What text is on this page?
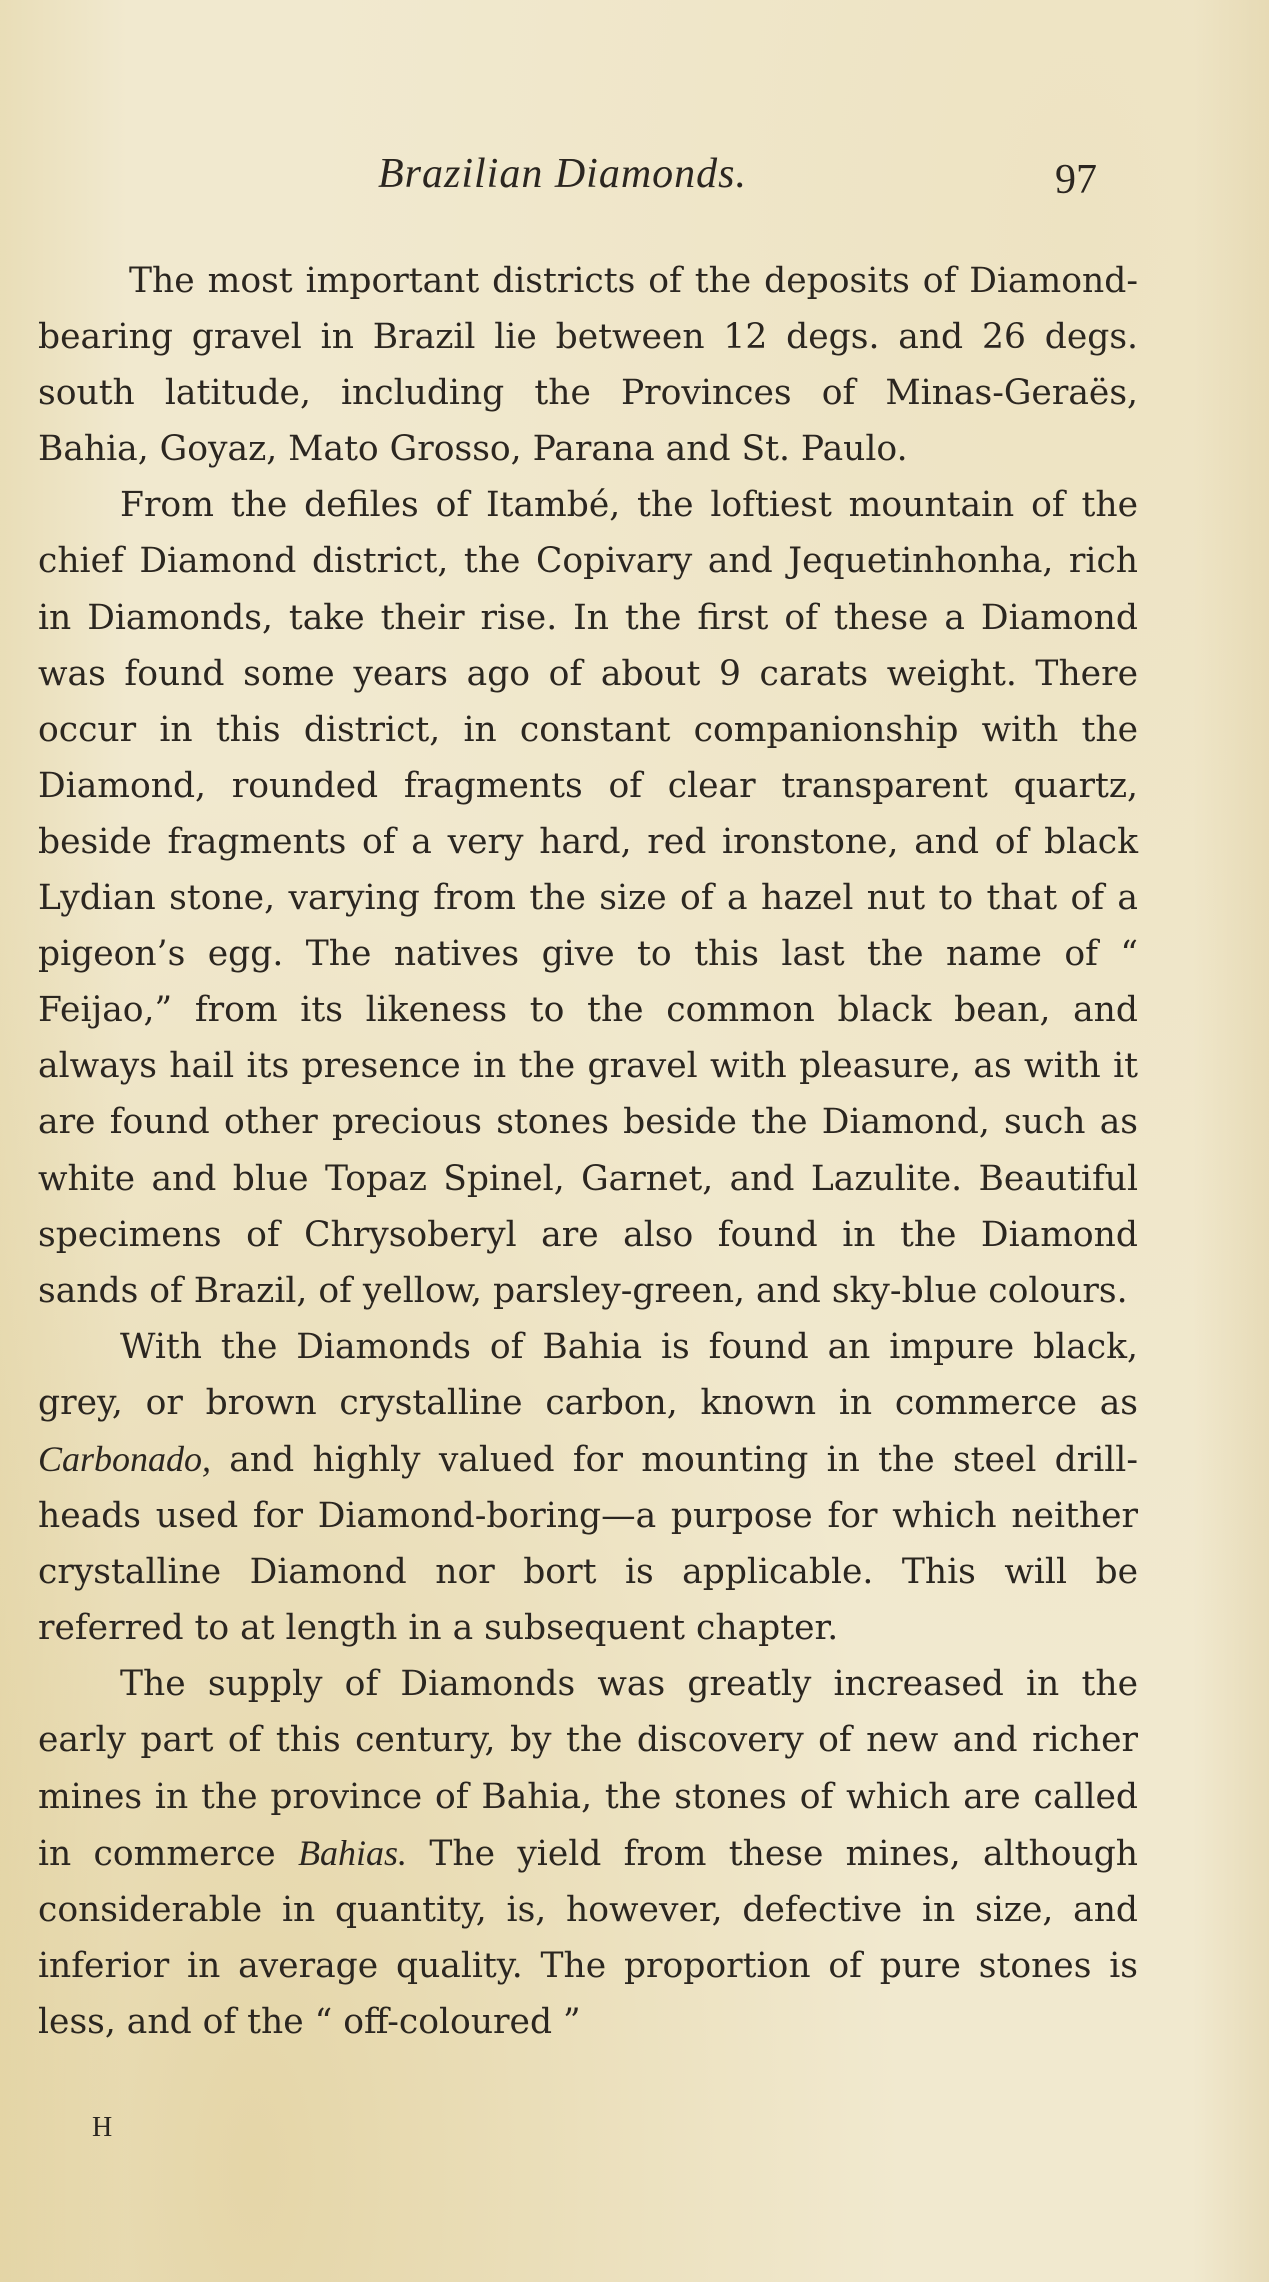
Brazilian Diamonds.	97

The most important districts of the deposits of Diamond-bearing gravel in Brazil lie between 12 degs. and 26 degs. south latitude, including the Provinces of Minas-Geraës, Bahia, Goyaz, Mato Grosso, Parana and St. Paulo.

From the defiles of Itambé, the loftiest mountain of the chief Diamond district, the Copivary and Jequetinhonha, rich in Diamonds, take their rise. In the first of these a Diamond was found some years ago of about 9 carats weight. There occur in this district, in constant companionship with the Diamond, rounded fragments of clear transparent quartz, beside fragments of a very hard, red ironstone, and of black Lydian stone, varying from the size of a hazel nut to that of a pigeon’s egg. The natives give to this last the name of “ Feijao,” from its likeness to the common black bean, and always hail its presence in the gravel with pleasure, as with it are found other precious stones beside the Diamond, such as white and blue Topaz Spinel, Garnet, and Lazulite. Beautiful specimens of Chrysoberyl are also found in the Diamond sands of Brazil, of yellow, parsley-green, and sky-blue colours.

With the Diamonds of Bahia is found an impure black, grey, or brown crystalline carbon, known in commerce as Carbonado, and highly valued for mounting in the steel drill-heads used for Diamond-boring—a purpose for which neither crystalline Diamond nor bort is applicable. This will be referred to at length in a subsequent chapter.

The supply of Diamonds was greatly increased in the early part of this century, by the discovery of new and richer mines in the province of Bahia, the stones of which are called in commerce Bahias. The yield from these mines, although considerable in quantity, is, however, defective in size, and inferior in average quality. The proportion of pure stones is less, and of the “ off-coloured ”

H
